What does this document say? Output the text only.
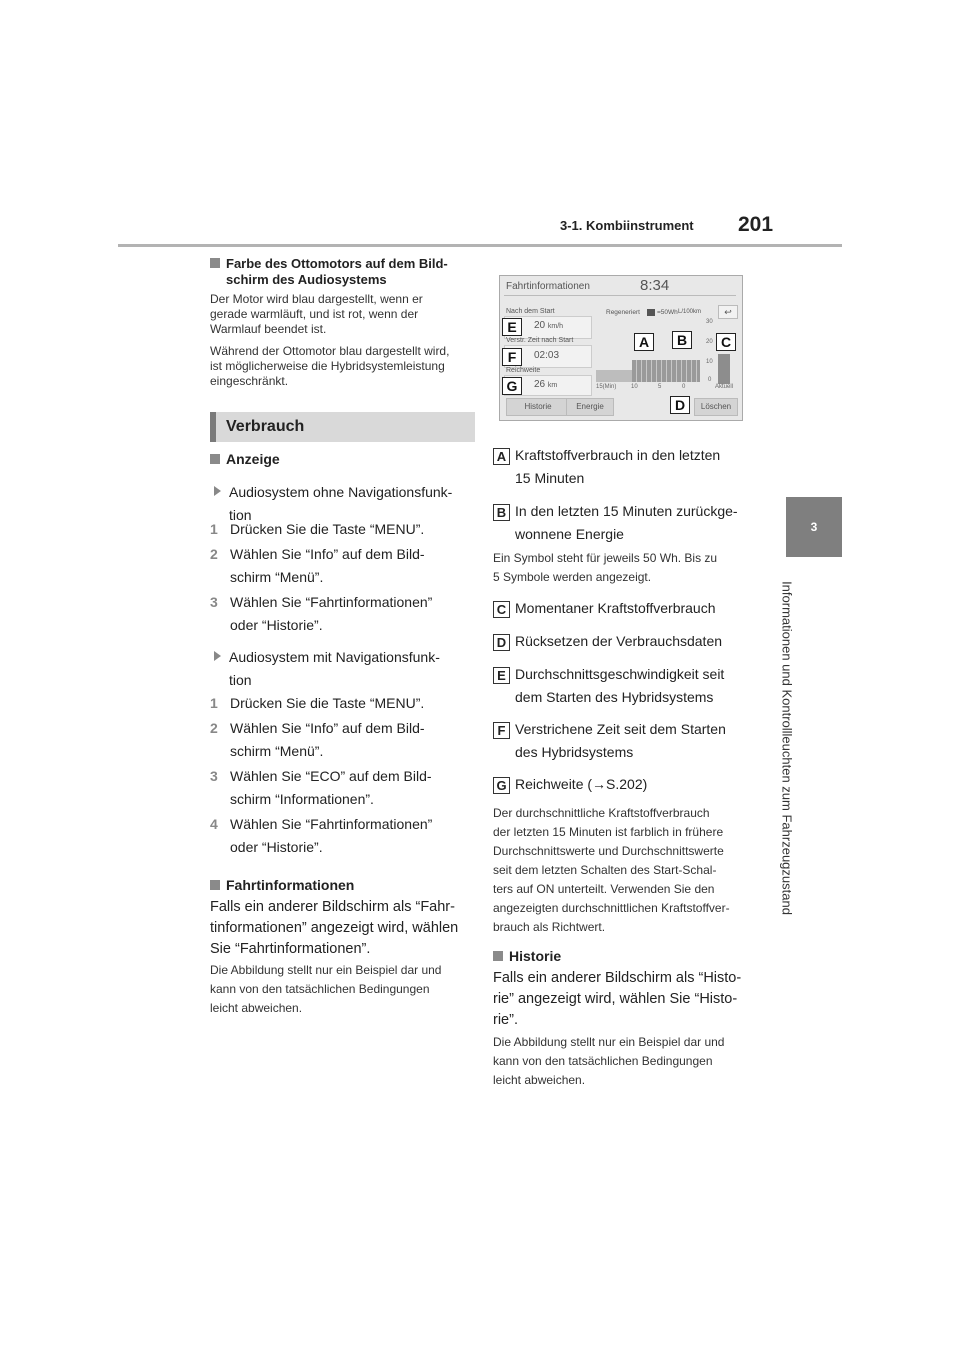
3-1. Kombiinstrument 201
3
Informationen und Kontrollleuchten zum Fahrzeugzustand
Farbe des Ottomotors auf dem Bild-
schirm des Audiosystems
Der Motor wird blau dargestellt, wenn er
gerade warmläuft, und ist rot, wenn der
Warmlauf beendet ist.
Während der Ottomotor blau dargestellt wird,
ist möglicherweise die Hybridsystemleistung
eingeschränkt.
Verbrauch
Anzeige
Audiosystem ohne Navigationsfunk-
tion
1 Drücken Sie die Taste “MENU”.
2 Wählen Sie “Info” auf dem Bild-
schirm “Menü”.
3 Wählen Sie “Fahrtinformationen”
oder “Historie”.
Audiosystem mit Navigationsfunk-
tion
1 Drücken Sie die Taste “MENU”.
2 Wählen Sie “Info” auf dem Bild-
schirm “Menü”.
3 Wählen Sie “ECO” auf dem Bild-
schirm “Informationen”.
4 Wählen Sie “Fahrtinformationen”
oder “Historie”.
Fahrtinformationen
Falls ein anderer Bildschirm als “Fahr-
tinformationen” angezeigt wird, wählen
Sie “Fahrtinformationen”.
Die Abbildung stellt nur ein Beispiel dar und
kann von den tatsächlichen Bedingungen
leicht abweichen.
Fahrtinformationen	8:34
Nach dem Start
20 km/h
Verstr. Zeit nach Start
02:03
Reichweite
26 km
Regeneriert	=50Wh L/100km	↩
30
20
10
0
15(Min) 10	5	0	Aktuell
Historie	Energie	Löschen
A	B	C
D
E
F
G
A Kraftstoffverbrauch in den letzten
15 Minuten
B In den letzten 15 Minuten zurückge-
wonnene Energie
Ein Symbol steht für jeweils 50 Wh. Bis zu
5 Symbole werden angezeigt.
C Momentaner Kraftstoffverbrauch
D Rücksetzen der Verbrauchsdaten
E Durchschnittsgeschwindigkeit seit
dem Starten des Hybridsystems
F Verstrichene Zeit seit dem Starten
des Hybridsystems
G Reichweite (→S.202)
Der durchschnittliche Kraftstoffverbrauch
der letzten 15 Minuten ist farblich in frühere
Durchschnittswerte und Durchschnittswerte
seit dem letzten Schalten des Start-Schal-
ters auf ON unterteilt. Verwenden Sie den
angezeigten durchschnittlichen Kraftstoffver-
brauch als Richtwert.
Historie
Falls ein anderer Bildschirm als “Histo-
rie” angezeigt wird, wählen Sie “Histo-
rie”.
Die Abbildung stellt nur ein Beispiel dar und
kann von den tatsächlichen Bedingungen
leicht abweichen.
